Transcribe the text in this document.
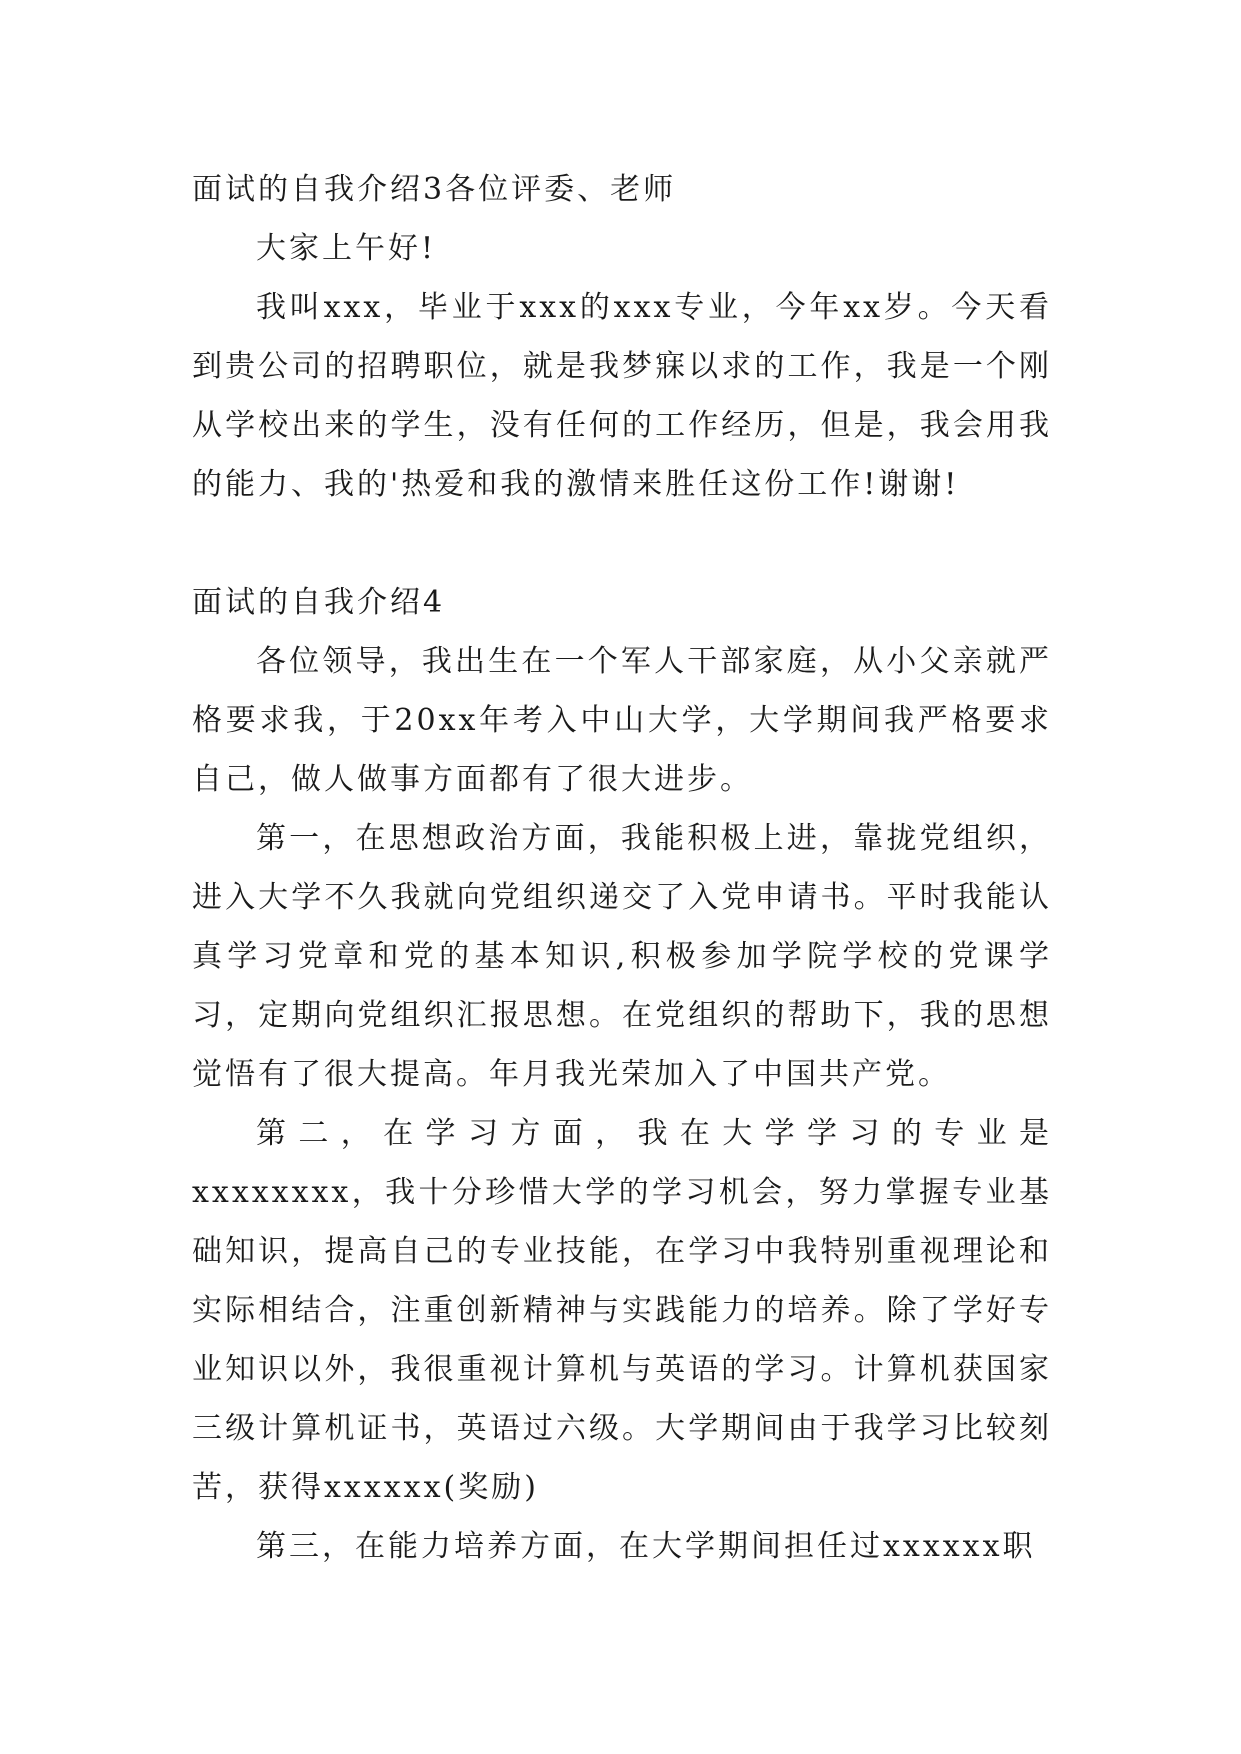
面试的自我介绍3各位评委、老师

大家上午好!

我叫xxx，毕业于xxx的xxx专业，今年xx岁。今天看到贵公司的招聘职位，就是我梦寐以求的工作，我是一个刚从学校出来的学生，没有任何的工作经历，但是，我会用我的能力、我的'热爱和我的激情来胜任这份工作!谢谢!

面试的自我介绍4

各位领导，我出生在一个军人干部家庭，从小父亲就严格要求我，于20xx年考入中山大学，大学期间我严格要求自己，做人做事方面都有了很大进步。

第一，在思想政治方面，我能积极上进，靠拢党组织，进入大学不久我就向党组织递交了入党申请书。平时我能认真学习党章和党的基本知识,积极参加学院学校的党课学习，定期向党组织汇报思想。在党组织的帮助下，我的思想觉悟有了很大提高。年月我光荣加入了中国共产党。

第二，在学习方面，我在大学学习的专业是xxxxxxxx，我十分珍惜大学的学习机会，努力掌握专业基础知识，提高自己的专业技能，在学习中我特别重视理论和实际相结合，注重创新精神与实践能力的培养。除了学好专业知识以外，我很重视计算机与英语的学习。计算机获国家三级计算机证书，英语过六级。大学期间由于我学习比较刻苦，获得xxxxxx(奖励)

第三，在能力培养方面，在大学期间担任过xxxxxx职
